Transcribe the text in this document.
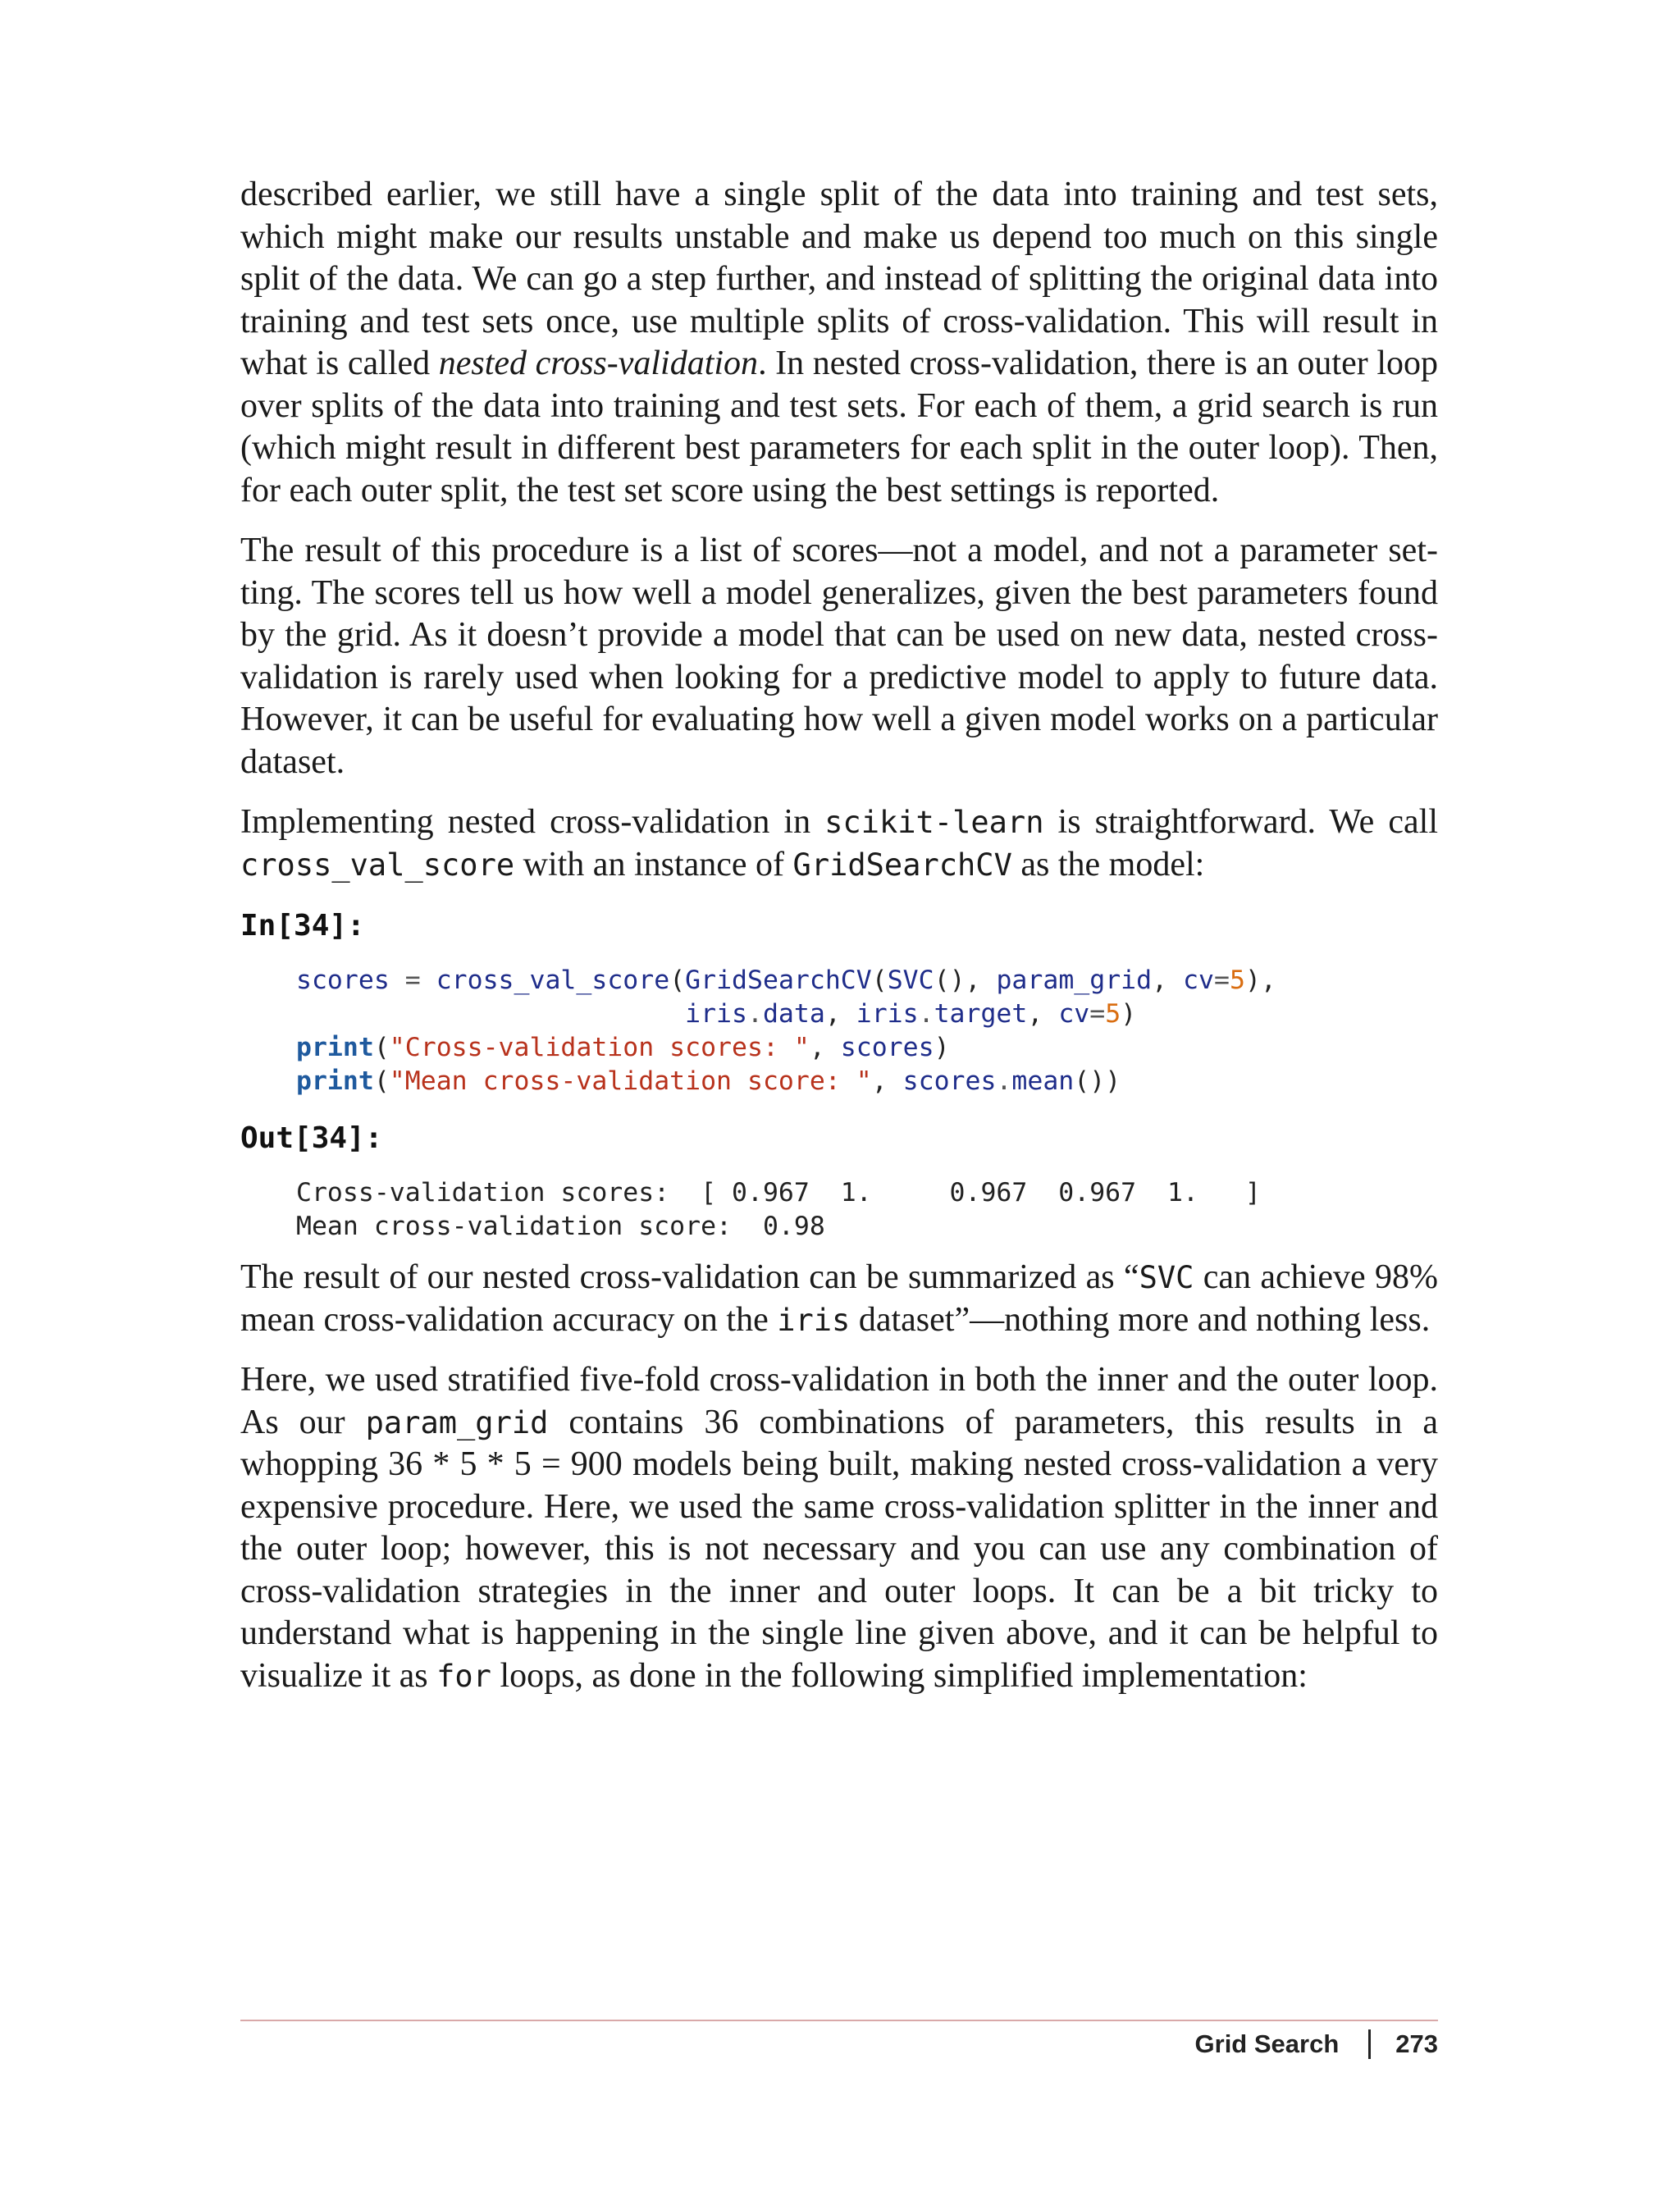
described earlier, we still have a single split of the data into training and test sets, which might make our results unstable and make us depend too much on this single split of the data. We can go a step further, and instead of splitting the original data into training and test sets once, use multiple splits of cross-validation. This will result in what is called nested cross-validation. In nested cross-validation, there is an outer loop over splits of the data into training and test sets. For each of them, a grid search is run (which might result in different best parameters for each split in the outer loop). Then, for each outer split, the test set score using the best settings is reported.

The result of this procedure is a list of scores—not a model, and not a parameter setting. The scores tell us how well a model generalizes, given the best parameters found by the grid. As it doesn’t provide a model that can be used on new data, nested cross-validation is rarely used when looking for a predictive model to apply to future data. However, it can be useful for evaluating how well a given model works on a particular dataset.

Implementing nested cross-validation in scikit-learn is straightforward. We call cross_val_score with an instance of GridSearchCV as the model:

In[34]:
scores = cross_val_score(GridSearchCV(SVC(), param_grid, cv=5),
iris.data, iris.target, cv=5)
print("Cross-validation scores: ", scores)
print("Mean cross-validation score: ", scores.mean())
Out[34]:
Cross-validation scores:  [ 0.967  1.     0.967  0.967  1.   ]
Mean cross-validation score:  0.98

The result of our nested cross-validation can be summarized as “SVC can achieve 98% mean cross-validation accuracy on the iris dataset”—nothing more and nothing less.

Here, we used stratified five-fold cross-validation in both the inner and the outer loop. As our param_grid contains 36 combinations of parameters, this results in a whopping 36 * 5 * 5 = 900 models being built, making nested cross-validation a very expensive procedure. Here, we used the same cross-validation splitter in the inner and the outer loop; however, this is not necessary and you can use any combination of cross-validation strategies in the inner and outer loops. It can be a bit tricky to understand what is happening in the single line given above, and it can be helpful to visualize it as for loops, as done in the following simplified implementation:

Grid Search 273
